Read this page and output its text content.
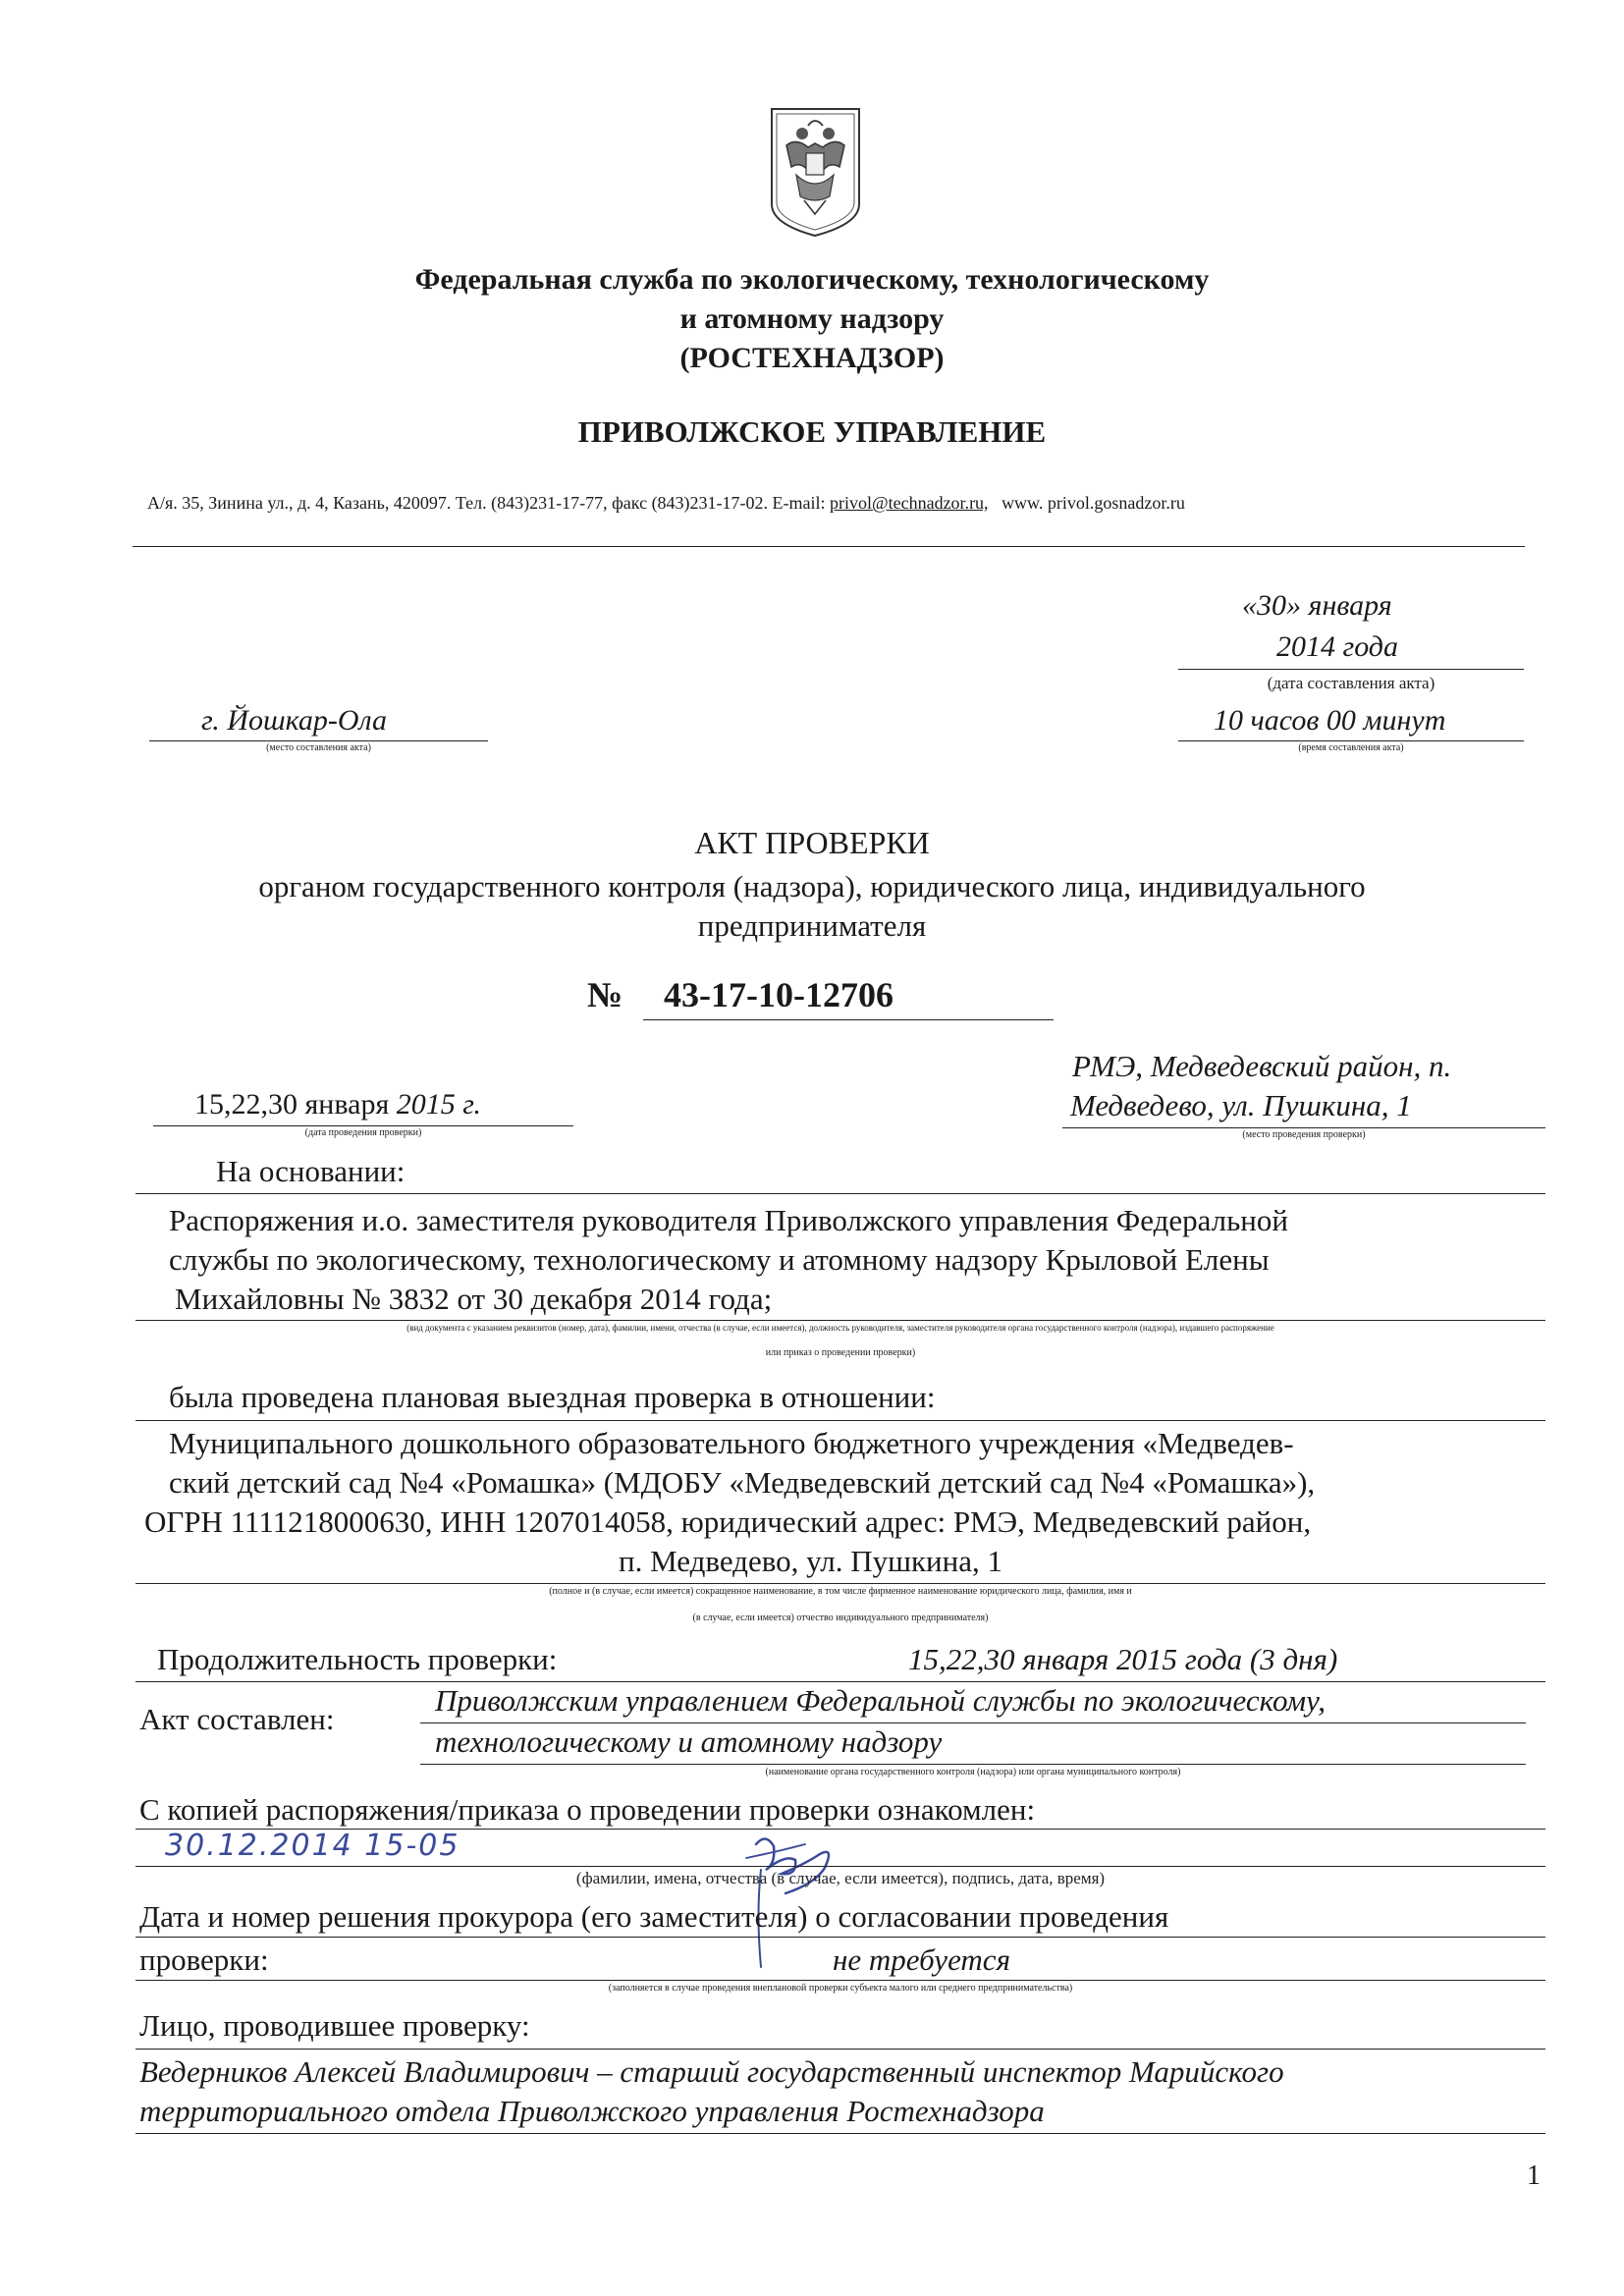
Федеральная служба по экологическому, технологическому
и атомному надзору
(РОСТЕХНАДЗОР)
ПРИВОЛЖСКОЕ УПРАВЛЕНИЕ
А/я. 35, Зинина ул., д. 4, Казань, 420097. Тел. (843)231-17-77, факс (843)231-17-02. E-mail: privol@technadzor.ru, www. privol.gosnadzor.ru
«30» января
2014 года
(дата составления акта)
г. Йошкар-Ола
(место составления акта)
10 часов 00 минут
(время составления акта)
АКТ ПРОВЕРКИ
органом государственного контроля (надзора), юридического лица, индивидуального
предпринимателя
№ 43-17-10-12706
15,22,30 января 2015 г.
(дата проведения проверки)
РМЭ, Медведевский район, п.
Медведево, ул. Пушкина, 1
(место проведения проверки)
На основании:
Распоряжения и.о. заместителя руководителя Приволжского управления Федеральной
службы по экологическому, технологическому и атомному надзору Крыловой Елены
Михайловны № 3832 от 30 декабря 2014 года;
(вид документа с указанием реквизитов (номер, дата), фамилии, имени, отчества (в случае, если имеется), должность руководителя, заместителя руководителя органа государственного контроля (надзора), издавшего распоряжение
или приказ о проведении проверки)
была проведена плановая выездная проверка в отношении:
Муниципального дошкольного образовательного бюджетного учреждения «Медведев-
ский детский сад №4 «Ромашка» (МДОБУ «Медведевский детский сад №4 «Ромашка»),
ОГРН 1111218000630, ИНН 1207014058, юридический адрес: РМЭ, Медведевский район,
п. Медведево, ул. Пушкина, 1
(полное и (в случае, если имеется) сокращенное наименование, в том числе фирменное наименование юридического лица, фамилия, имя и
(в случае, если имеется) отчество индивидуального предпринимателя)
Продолжительность проверки:	15,22,30 января 2015 года (3 дня)
Акт составлен:
Приволжским управлением Федеральной службы по экологическому,
технологическому и атомному надзору
(наименование органа государственного контроля (надзора) или органа муниципального контроля)
С копией распоряжения/приказа о проведении проверки ознакомлен:
30.12.2014 15-05
(фамилии, имена, отчества (в случае, если имеется), подпись, дата, время)
Дата и номер решения прокурора (его заместителя) о согласовании проведения
проверки:	не требуется
(заполняется в случае проведения внеплановой проверки субъекта малого или среднего предпринимательства)
Лицо, проводившее проверку:
Ведерников Алексей Владимирович – старший государственный инспектор Марийского
территориального отдела Приволжского управления Ростехнадзора
1
